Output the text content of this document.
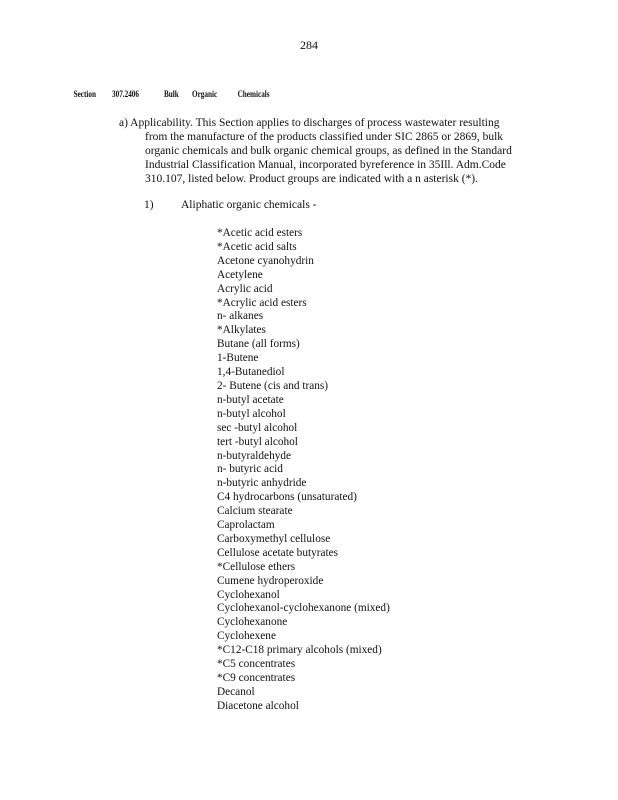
284
Section 307.2406	Bulk Organic Chemicals
a) Applicability. This Section applies to discharges of process wastewater resulting
from the manufacture of the products classified under SIC 2865 or 2869, bulk
organic chemicals and bulk organic chemical groups, as defined in the Standard
Industrial Classification Manual, incorporated byreference in 35Ill. Adm.Code
310.107, listed below. Product groups are indicated with a n asterisk (*).
1) Aliphatic organic chemicals -
*Acetic acid esters
*Acetic acid salts
Acetone cyanohydrin
Acetylene
Acrylic acid
*Acrylic acid esters
n- alkanes
*Alkylates
Butane (all forms)
1-Butene
1,4-Butanediol
2- Butene (cis and trans)
n-butyl acetate
n-butyl alcohol
sec -butyl alcohol
tert -butyl alcohol
n-butyraldehyde
n- butyric acid
n-butyric anhydride
C4 hydrocarbons (unsaturated)
Calcium stearate
Caprolactam
Carboxymethyl cellulose
Cellulose acetate butyrates
*Cellulose ethers
Cumene hydroperoxide
Cyclohexanol
Cyclohexanol-cyclohexanone (mixed)
Cyclohexanone
Cyclohexene
*C12-C18 primary alcohols (mixed)
*C5 concentrates
*C9 concentrates
Decanol
Diacetone alcohol
